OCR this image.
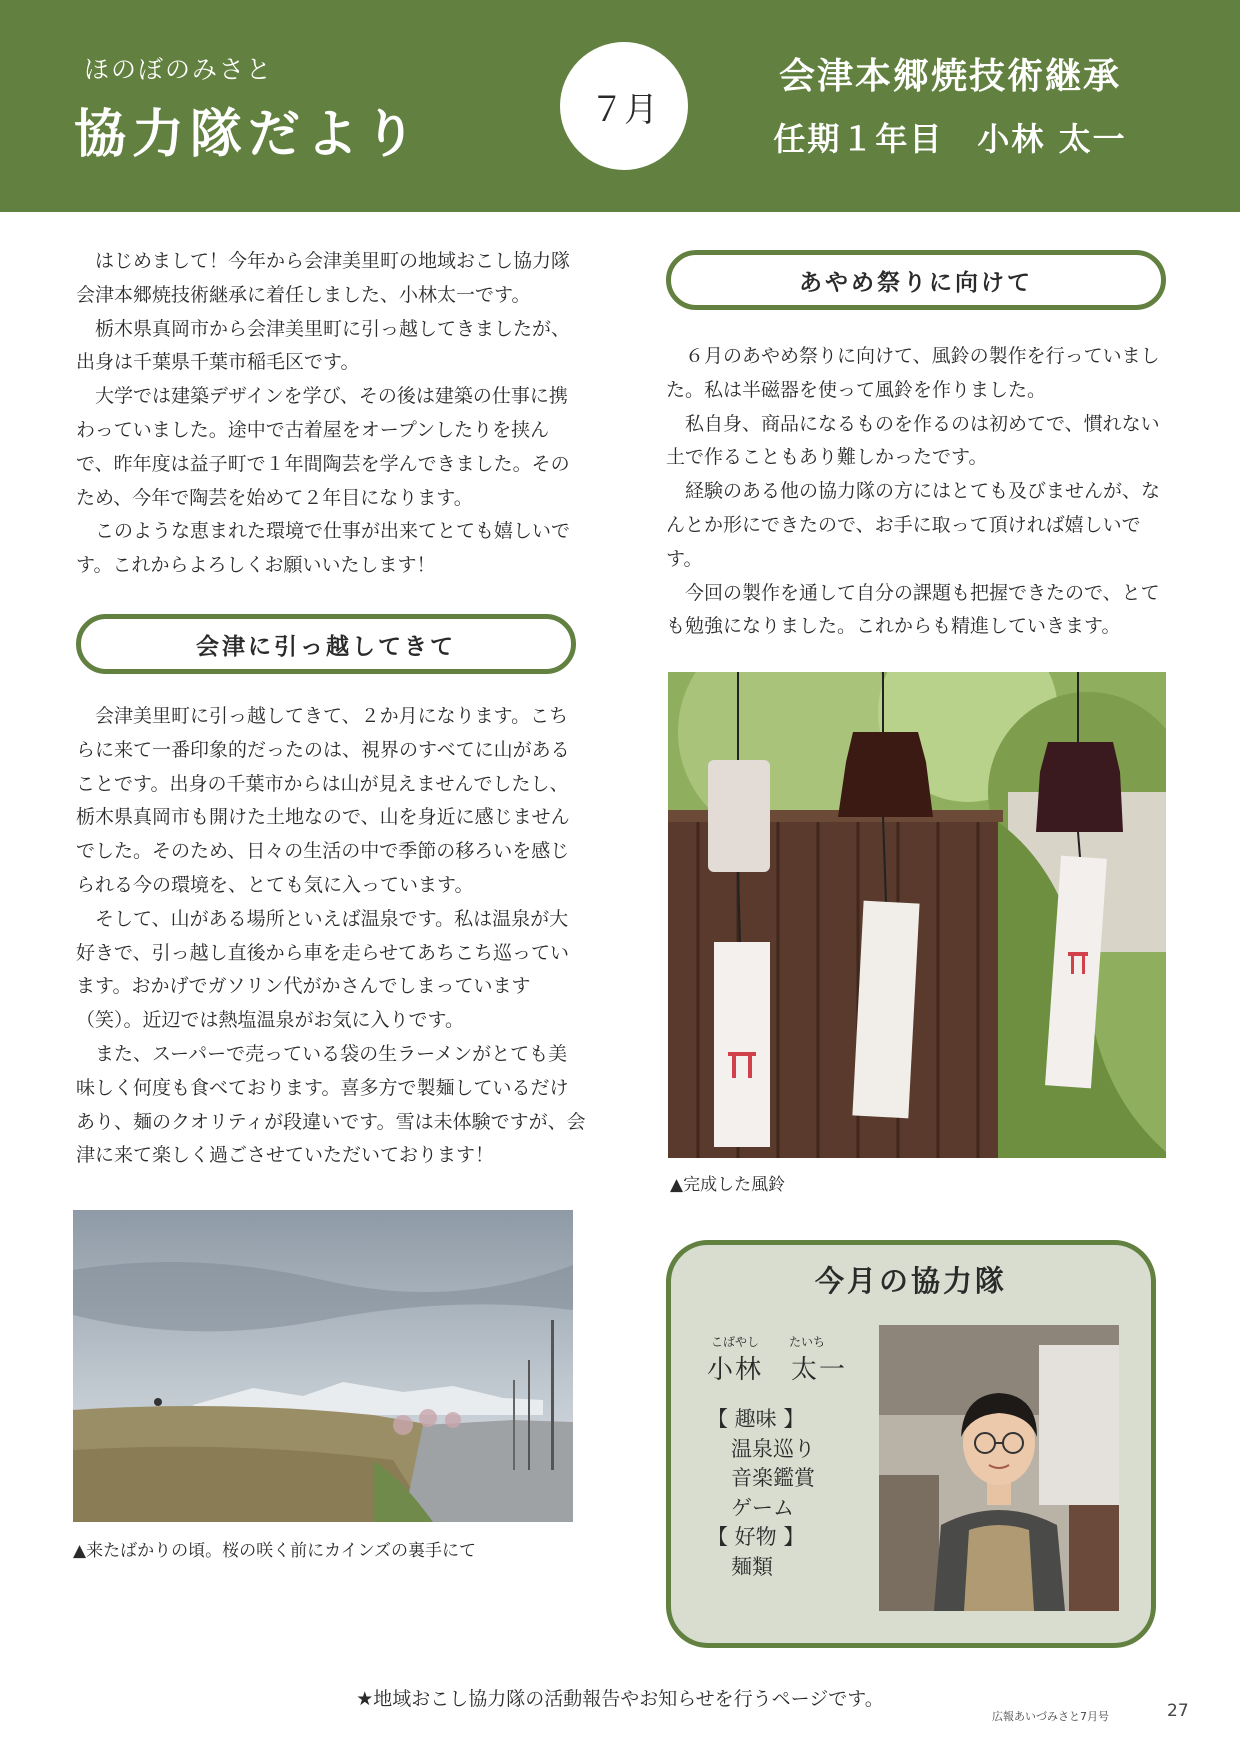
ほのぼのみさと
協力隊だより	７月
会津本郷焼技術継承
任期１年目　小林 太一

はじめまして！今年から会津美里町の地域おこし協力隊会津本郷焼技術継承に着任しました、小林太一です。

栃木県真岡市から会津美里町に引っ越してきましたが、出身は千葉県千葉市稲毛区です。

大学では建築デザインを学び、その後は建築の仕事に携わっていました。途中で古着屋をオープンしたりを挟んで、昨年度は益子町で１年間陶芸を学んできました。そのため、今年で陶芸を始めて２年目になります。

このような恵まれた環境で仕事が出来てとても嬉しいです。これからよろしくお願いいたします！

会津に引っ越してきて

会津美里町に引っ越してきて、２か月になります。こちらに来て一番印象的だったのは、視界のすべてに山があることです。出身の千葉市からは山が見えませんでしたし、栃木県真岡市も開けた土地なので、山を身近に感じませんでした。そのため、日々の生活の中で季節の移ろいを感じられる今の環境を、とても気に入っています。

そして、山がある場所といえば温泉です。私は温泉が大好きで、引っ越し直後から車を走らせてあちこち巡っています。おかげでガソリン代がかさんでしまっています（笑）。近辺では熱塩温泉がお気に入りです。

また、スーパーで売っている袋の生ラーメンがとても美味しく何度も食べております。喜多方で製麺しているだけあり、麺のクオリティが段違いです。雪は未体験ですが、会津に来て楽しく過ごさせていただいております！

▲来たばかりの頃。桜の咲く前にカインズの裏手にて
あやめ祭りに向けて

６月のあやめ祭りに向けて、風鈴の製作を行っていました。私は半磁器を使って風鈴を作りました。

私自身、商品になるものを作るのは初めてで、慣れない土で作ることもあり難しかったです。

経験のある他の協力隊の方にはとても及びませんが、なんとか形にできたので、お手に取って頂ければ嬉しいです。

今回の製作を通して自分の課題も把握できたので、とても勉強になりました。これからも精進していきます。

▲完成した風鈴
今月の協力隊
こばやし たいち
小林　太一
【 趣味 】
温泉巡り
音楽鑑賞
ゲーム
【 好物 】
麺類
★地域おこし協力隊の活動報告やお知らせを行うページです。
広報あいづみさと7月号	27
